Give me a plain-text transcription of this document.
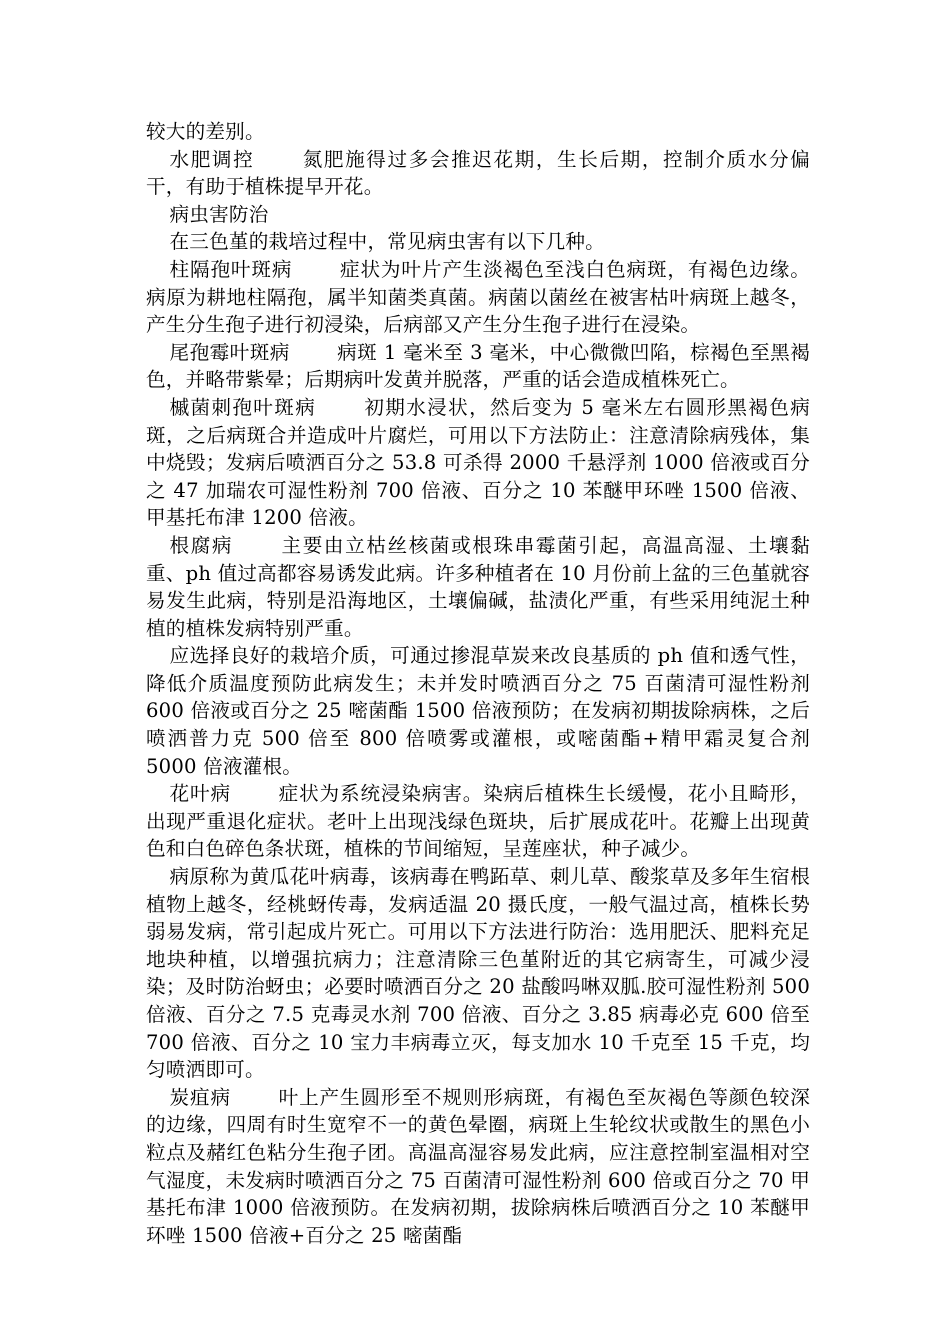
较大的差别。

水肥调控 氮肥施得过多会推迟花期，生长后期，控制介质水分偏干，有助于植株提早开花。

病虫害防治

在三色堇的栽培过程中，常见病虫害有以下几种。

柱隔孢叶斑病 症状为叶片产生淡褐色至浅白色病斑，有褐色边缘。病原为耕地柱隔孢，属半知菌类真菌。病菌以菌丝在被害枯叶病斑上越冬，产生分生孢子进行初浸染，后病部又产生分生孢子进行在浸染。

尾孢霉叶斑病 病斑 1 毫米至 3 毫米，中心微微凹陷，棕褐色至黑褐色，并略带紫晕；后期病叶发黄并脱落，严重的话会造成植株死亡。

槭菌刺孢叶斑病 初期水浸状，然后变为 5 毫米左右圆形黑褐色病斑，之后病斑合并造成叶片腐烂，可用以下方法防止：注意清除病残体，集中烧毁；发病后喷洒百分之 53.8 可杀得 2000 千悬浮剂 1000 倍液或百分之 47 加瑞农可湿性粉剂 700 倍液、百分之 10 苯醚甲环唑 1500 倍液、甲基托布津 1200 倍液。

根腐病 主要由立枯丝核菌或根珠串霉菌引起，高温高湿、土壤黏重、ph 值过高都容易诱发此病。许多种植者在 10 月份前上盆的三色堇就容易发生此病，特别是沿海地区，土壤偏碱，盐渍化严重，有些采用纯泥土种植的植株发病特别严重。

应选择良好的栽培介质，可通过掺混草炭来改良基质的 ph 值和透气性，降低介质温度预防此病发生；未并发时喷洒百分之 75 百菌清可湿性粉剂 600 倍液或百分之 25 嘧菌酯 1500 倍液预防；在发病初期拔除病株，之后喷洒普力克 500 倍至 800 倍喷雾或灌根，或嘧菌酯+精甲霜灵复合剂 5000 倍液灌根。

花叶病 症状为系统浸染病害。染病后植株生长缓慢，花小且畸形，出现严重退化症状。老叶上出现浅绿色斑块，后扩展成花叶。花瓣上出现黄色和白色碎色条状斑，植株的节间缩短，呈莲座状，种子减少。

病原称为黄瓜花叶病毒，该病毒在鸭跖草、刺儿草、酸浆草及多年生宿根植物上越冬，经桃蚜传毒，发病适温 20 摄氏度，一般气温过高，植株长势弱易发病，常引起成片死亡。可用以下方法进行防治：选用肥沃、肥料充足地块种植，以增强抗病力；注意清除三色堇附近的其它病寄生，可减少浸染；及时防治蚜虫；必要时喷洒百分之 20 盐酸吗啉双胍.胶可湿性粉剂 500 倍液、百分之 7.5 克毒灵水剂 700 倍液、百分之 3.85 病毒必克 600 倍至 700 倍液、百分之 10 宝力丰病毒立灭，每支加水 10 千克至 15 千克，均匀喷洒即可。

炭疽病 叶上产生圆形至不规则形病斑，有褐色至灰褐色等颜色较深的边缘，四周有时生宽窄不一的黄色晕圈，病斑上生轮纹状或散生的黑色小粒点及赭红色粘分生孢子团。高温高湿容易发此病，应注意控制室温相对空气湿度，未发病时喷洒百分之 75 百菌清可湿性粉剂 600 倍或百分之 70 甲基托布津 1000 倍液预防。在发病初期，拔除病株后喷洒百分之 10 苯醚甲环唑 1500 倍液+百分之 25 嘧菌酯
